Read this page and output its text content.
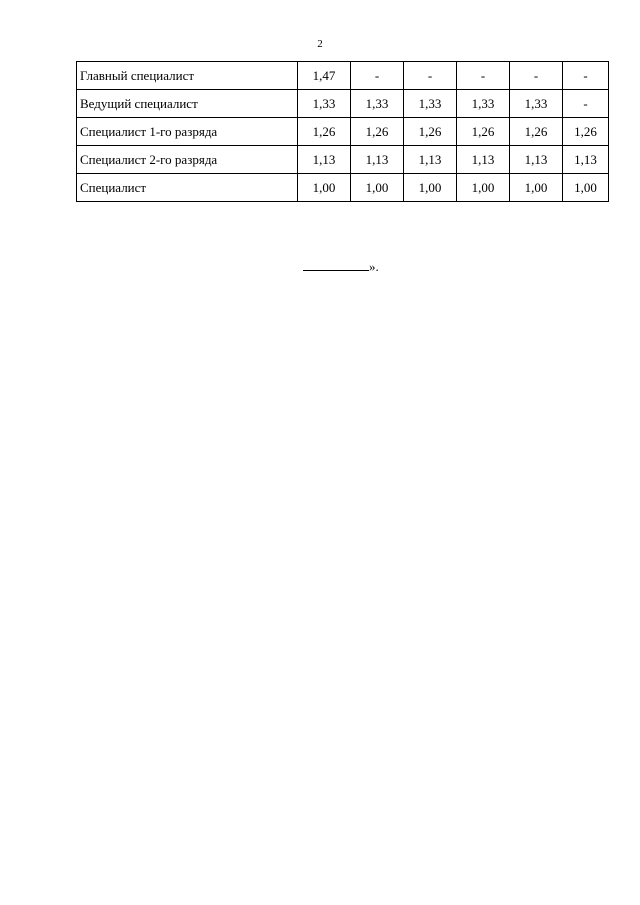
2
Главный специалист	1,47	-	-	-	-	-
Ведущий специалист	1,33	1,33	1,33	1,33	1,33	-
Специалист 1-го разряда	1,26	1,26	1,26	1,26	1,26	1,26
Специалист 2-го разряда	1,13	1,13	1,13	1,13	1,13	1,13
Специалист	1,00	1,00	1,00	1,00	1,00	1,00
».
